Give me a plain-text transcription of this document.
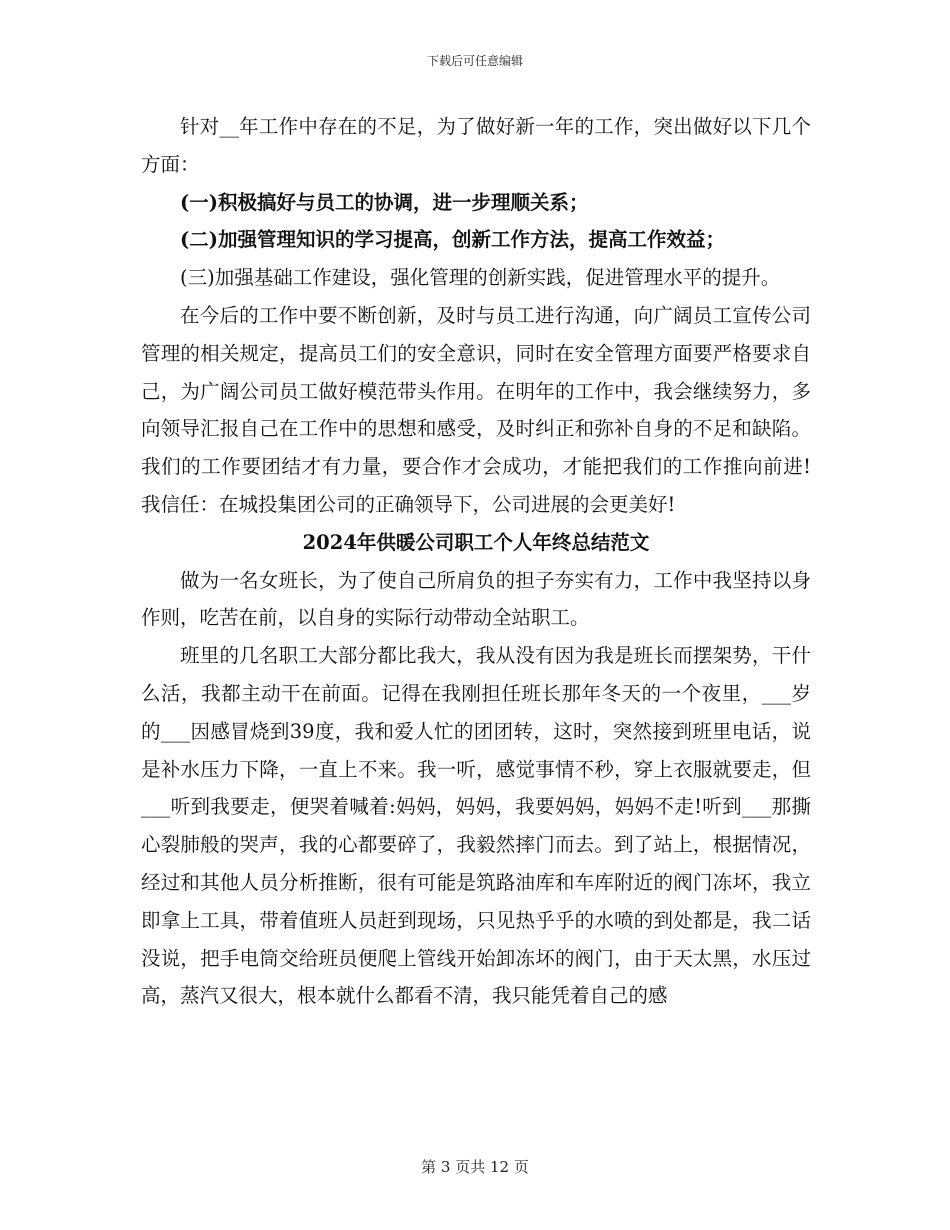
下载后可任意编辑

针对__年工作中存在的不足，为了做好新一年的工作，突出做好以下几个方面：

(一)积极搞好与员工的协调，进一步理顺关系；

(二)加强管理知识的学习提高，创新工作方法，提高工作效益；

(三)加强基础工作建设，强化管理的创新实践，促进管理水平的提升。

在今后的工作中要不断创新，及时与员工进行沟通，向广阔员工宣传公司管理的相关规定，提高员工们的安全意识，同时在安全管理方面要严格要求自己，为广阔公司员工做好模范带头作用。在明年的工作中，我会继续努力，多向领导汇报自己在工作中的思想和感受，及时纠正和弥补自身的不足和缺陷。我们的工作要团结才有力量，要合作才会成功，才能把我们的工作推向前进!我信任：在城投集团公司的正确领导下，公司进展的会更美好!

2024年供暖公司职工个人年终总结范文

做为一名女班长，为了使自己所肩负的担子夯实有力，工作中我坚持以身作则，吃苦在前，以自身的实际行动带动全站职工。

班里的几名职工大部分都比我大，我从没有因为我是班长而摆架势，干什么活，我都主动干在前面。记得在我刚担任班长那年冬天的一个夜里，___岁的___因感冒烧到39度，我和爱人忙的团团转，这时，突然接到班里电话，说是补水压力下降，一直上不来。我一听，感觉事情不秒，穿上衣服就要走，但___听到我要走，便哭着喊着:妈妈，妈妈，我要妈妈，妈妈不走!听到___那撕心裂肺般的哭声，我的心都要碎了，我毅然摔门而去。到了站上，根据情况，经过和其他人员分析推断，很有可能是筑路油库和车库附近的阀门冻坏，我立即拿上工具，带着值班人员赶到现场，只见热乎乎的水喷的到处都是，我二话没说，把手电筒交给班员便爬上管线开始卸冻坏的阀门，由于天太黑，水压过高，蒸汽又很大，根本就什么都看不清，我只能凭着自己的感

第 3 页共 12 页
